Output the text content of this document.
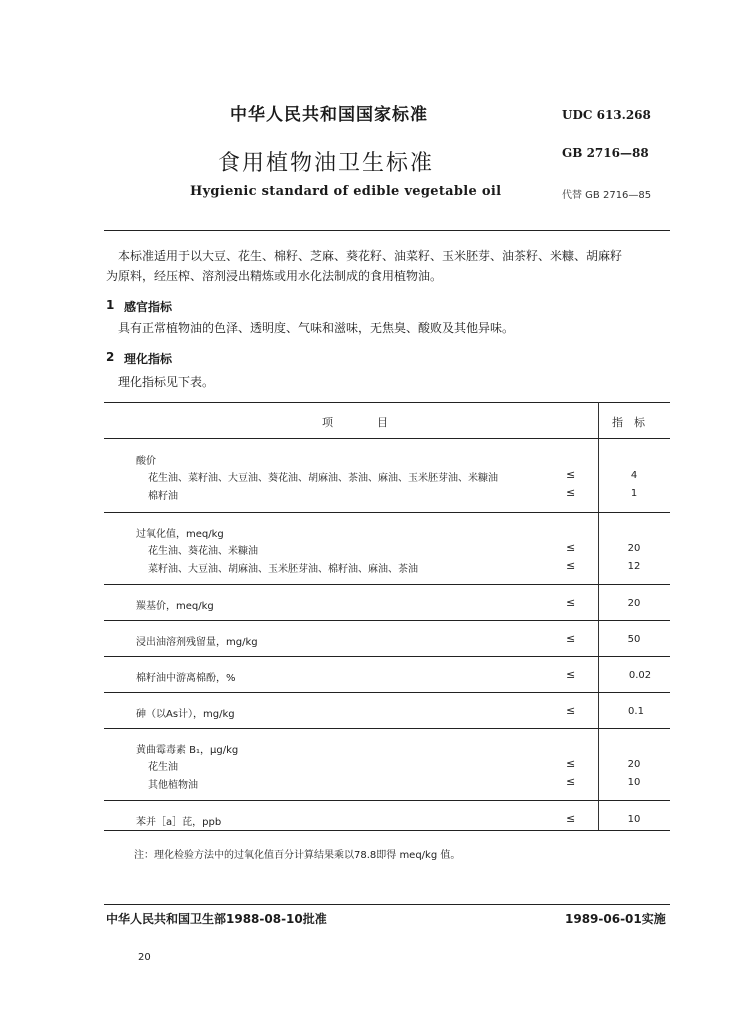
中华人民共和国国家标准	UDC 613.268
食用植物油卫生标准	GB 2716—88
Hygienic standard of edible vegetable oil	代替 GB 2716—85
本标准适用于以大豆、花生、棉籽、芝麻、葵花籽、油菜籽、玉米胚芽、油茶籽、米糠、胡麻籽
为原料，经压榨、溶剂浸出精炼或用水化法制成的食用植物油。
1 感官指标
具有正常植物油的色泽、透明度、气味和滋味，无焦臭、酸败及其他异味。
2 理化指标
理化指标见下表。
项　　　　目	指　标
酸价
花生油、菜籽油、大豆油、葵花油、胡麻油、茶油、麻油、玉米胚芽油、米糠油	≤	4
棉籽油	≤	1
过氧化值，meq/kg
花生油、葵花油、米糠油	≤	20
菜籽油、大豆油、胡麻油、玉米胚芽油、棉籽油、麻油、茶油	≤	12
羰基价，meq/kg	≤	20
浸出油溶剂残留量，mg/kg	≤	50
棉籽油中游离棉酚，%	≤	0.02
砷（以As计），mg/kg	≤	0.1
黄曲霉毒素 B₁，μg/kg
花生油	≤	20
其他植物油	≤	10
苯并［a］芘，ppb	≤	10
注：理化检验方法中的过氧化值百分计算结果乘以78.8即得 meq/kg 值。
中华人民共和国卫生部1988-08-10批准	1989-06-01实施
20
